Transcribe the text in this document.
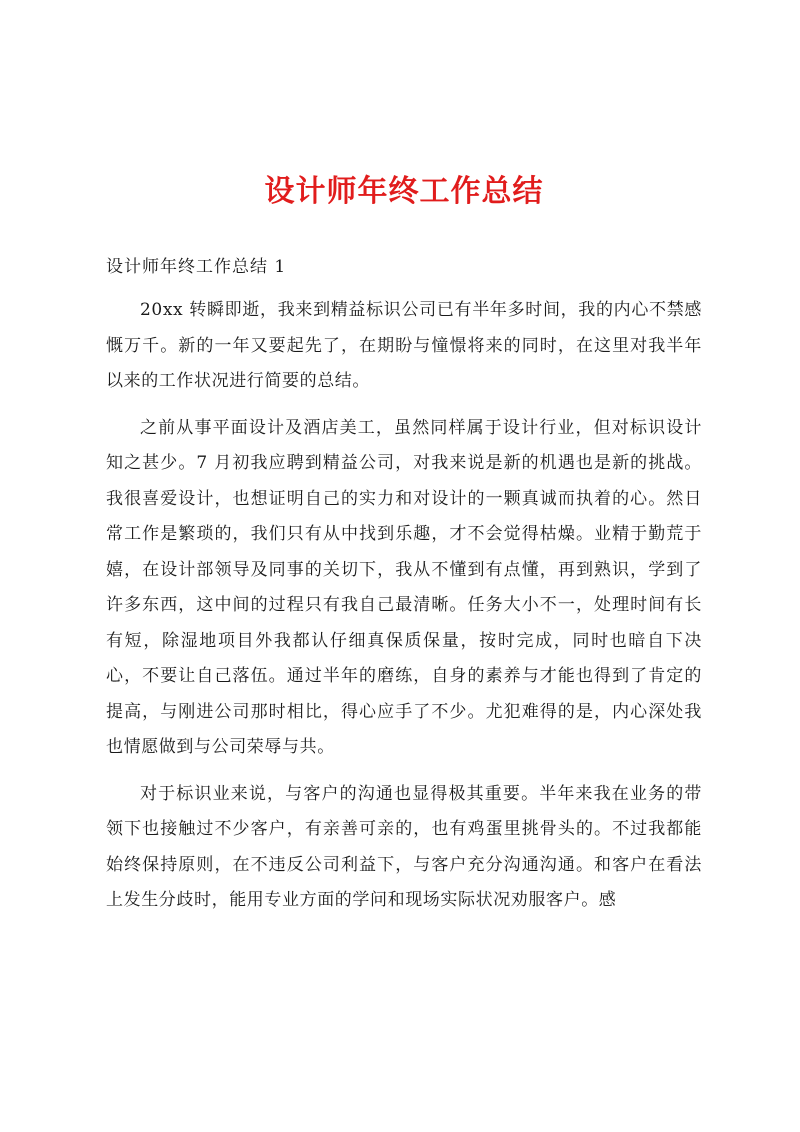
设计师年终工作总结
设计师年终工作总结 1

20xx 转瞬即逝，我来到精益标识公司已有半年多时间，我的内心不禁感慨万千。新的一年又要起先了，在期盼与憧憬将来的同时，在这里对我半年以来的工作状况进行简要的总结。

之前从事平面设计及酒店美工，虽然同样属于设计行业，但对标识设计知之甚少。7 月初我应聘到精益公司，对我来说是新的机遇也是新的挑战。我很喜爱设计，也想证明自己的实力和对设计的一颗真诚而执着的心。然日常工作是繁琐的，我们只有从中找到乐趣，才不会觉得枯燥。业精于勤荒于嬉，在设计部领导及同事的关切下，我从不懂到有点懂，再到熟识，学到了许多东西，这中间的过程只有我自己最清晰。任务大小不一，处理时间有长有短，除湿地项目外我都认仔细真保质保量，按时完成，同时也暗自下决心，不要让自己落伍。通过半年的磨练，自身的素养与才能也得到了肯定的提高，与刚进公司那时相比，得心应手了不少。尤犯难得的是，内心深处我也情愿做到与公司荣辱与共。

对于标识业来说，与客户的沟通也显得极其重要。半年来我在业务的带领下也接触过不少客户，有亲善可亲的，也有鸡蛋里挑骨头的。不过我都能始终保持原则，在不违反公司利益下，与客户充分沟通沟通。和客户在看法上发生分歧时，能用专业方面的学问和现场实际状况劝服客户。感
